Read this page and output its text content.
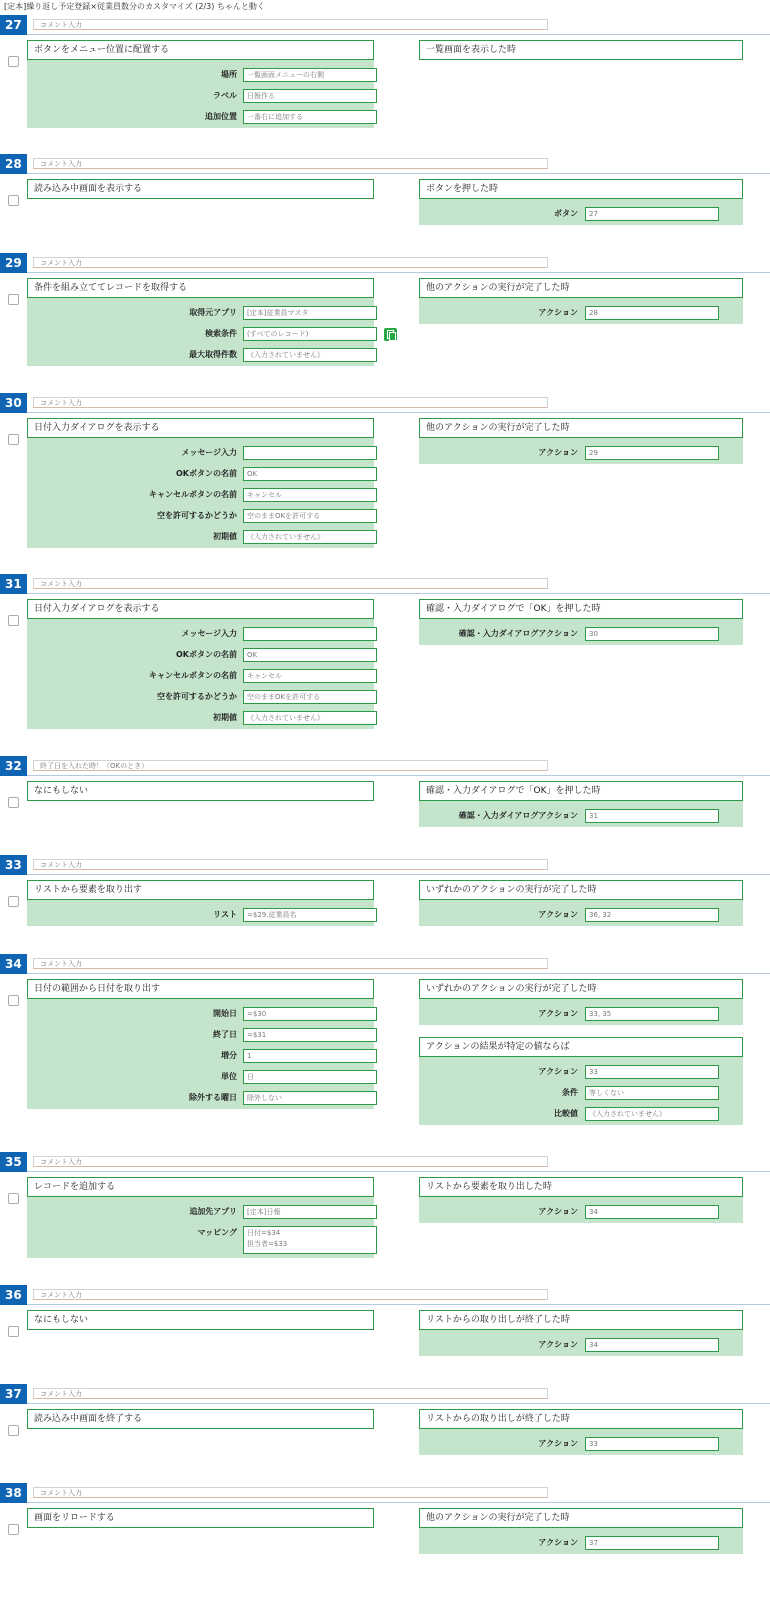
[定本]繰り返し予定登録×従業員数分のカスタマイズ (2/3) ちゃんと動く
27	コメント入力
ボタンをメニュー位置に配置する
場所	一覧画面メニューの右側
ラベル	日報作る
追加位置	一番右に追加する
一覧画面を表示した時
28	コメント入力
読み込み中画面を表示する	ボタンを押した時
ボタン	27
29	コメント入力
条件を組み立ててレコードを取得する
取得元アプリ	[定本]従業員マスタ
検索条件	(すべてのレコード)
最大取得件数	《入力されていません》
他のアクションの実行が完了した時
アクション	28
30	コメント入力
日付入力ダイアログを表示する
メッセージ入力
OKボタンの名前	OK
キャンセルボタンの名前	キャンセル
空を許可するかどうか	空のままOKを許可する
初期値	《入力されていません》
他のアクションの実行が完了した時
アクション	29
31	コメント入力
日付入力ダイアログを表示する
メッセージ入力
OKボタンの名前	OK
キャンセルボタンの名前	キャンセル
空を許可するかどうか	空のままOKを許可する
初期値	《入力されていません》
確認・入力ダイアログで「OK」を押した時
確認・入力ダイアログアクション	30
32	終了日を入れた時！（OKのとき）
なにもしない	確認・入力ダイアログで「OK」を押した時
確認・入力ダイアログアクション	31
33	コメント入力
リストから要素を取り出す
リスト	=$29.従業員名
いずれかのアクションの実行が完了した時
アクション	36, 32
34	コメント入力
日付の範囲から日付を取り出す
開始日	=$30
終了日	=$31
増分	1
単位	日
除外する曜日	除外しない
いずれかのアクションの実行が完了した時
アクション	33, 35
アクションの結果が特定の値ならば
アクション	33
条件	等しくない
比較値	《入力されていません》
35	コメント入力
レコードを追加する
追加先アプリ	[定本]日報
マッピング	日付=$34
担当者=$33
リストから要素を取り出した時
アクション	34
36	コメント入力
なにもしない	リストからの取り出しが終了した時
アクション	34
37	コメント入力
読み込み中画面を終了する	リストからの取り出しが終了した時
アクション	33
38	コメント入力
画面をリロードする	他のアクションの実行が完了した時
アクション	37
